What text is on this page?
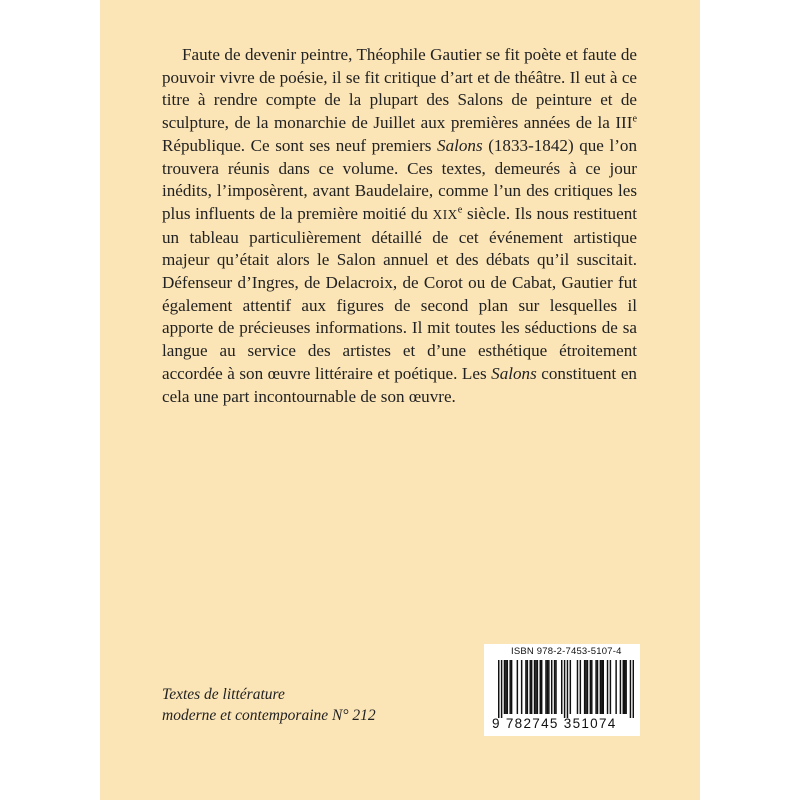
Faute de devenir peintre, Théophile Gautier se fit poète et faute de pouvoir vivre de poésie, il se fit critique d’art et de théâtre. Il eut à ce titre à rendre compte de la plupart des Salons de peinture et de sculpture, de la monarchie de Juillet aux premières années de la IIIe République. Ce sont ses neuf premiers Salons (1833-1842) que l’on trouvera réunis dans ce volume. Ces textes, demeurés à ce jour inédits, l’imposèrent, avant Baudelaire, comme l’un des critiques les plus influents de la première moitié du XIXe siècle. Ils nous restituent un tableau particulièrement détaillé de cet événement artistique majeur qu’était alors le Salon annuel et des débats qu’il suscitait. Défenseur d’Ingres, de Delacroix, de Corot ou de Cabat, Gautier fut également attentif aux figures de second plan sur lesquelles il apporte de précieuses informations. Il mit toutes les séductions de sa langue au service des artistes et d’une esthétique étroitement accordée à son œuvre littéraire et poétique. Les Salons constituent en cela une part incontournable de son œuvre.

Textes de littérature
moderne et contemporaine N° 212
ISBN 978-2-7453-5107-4
9 782745 351074
